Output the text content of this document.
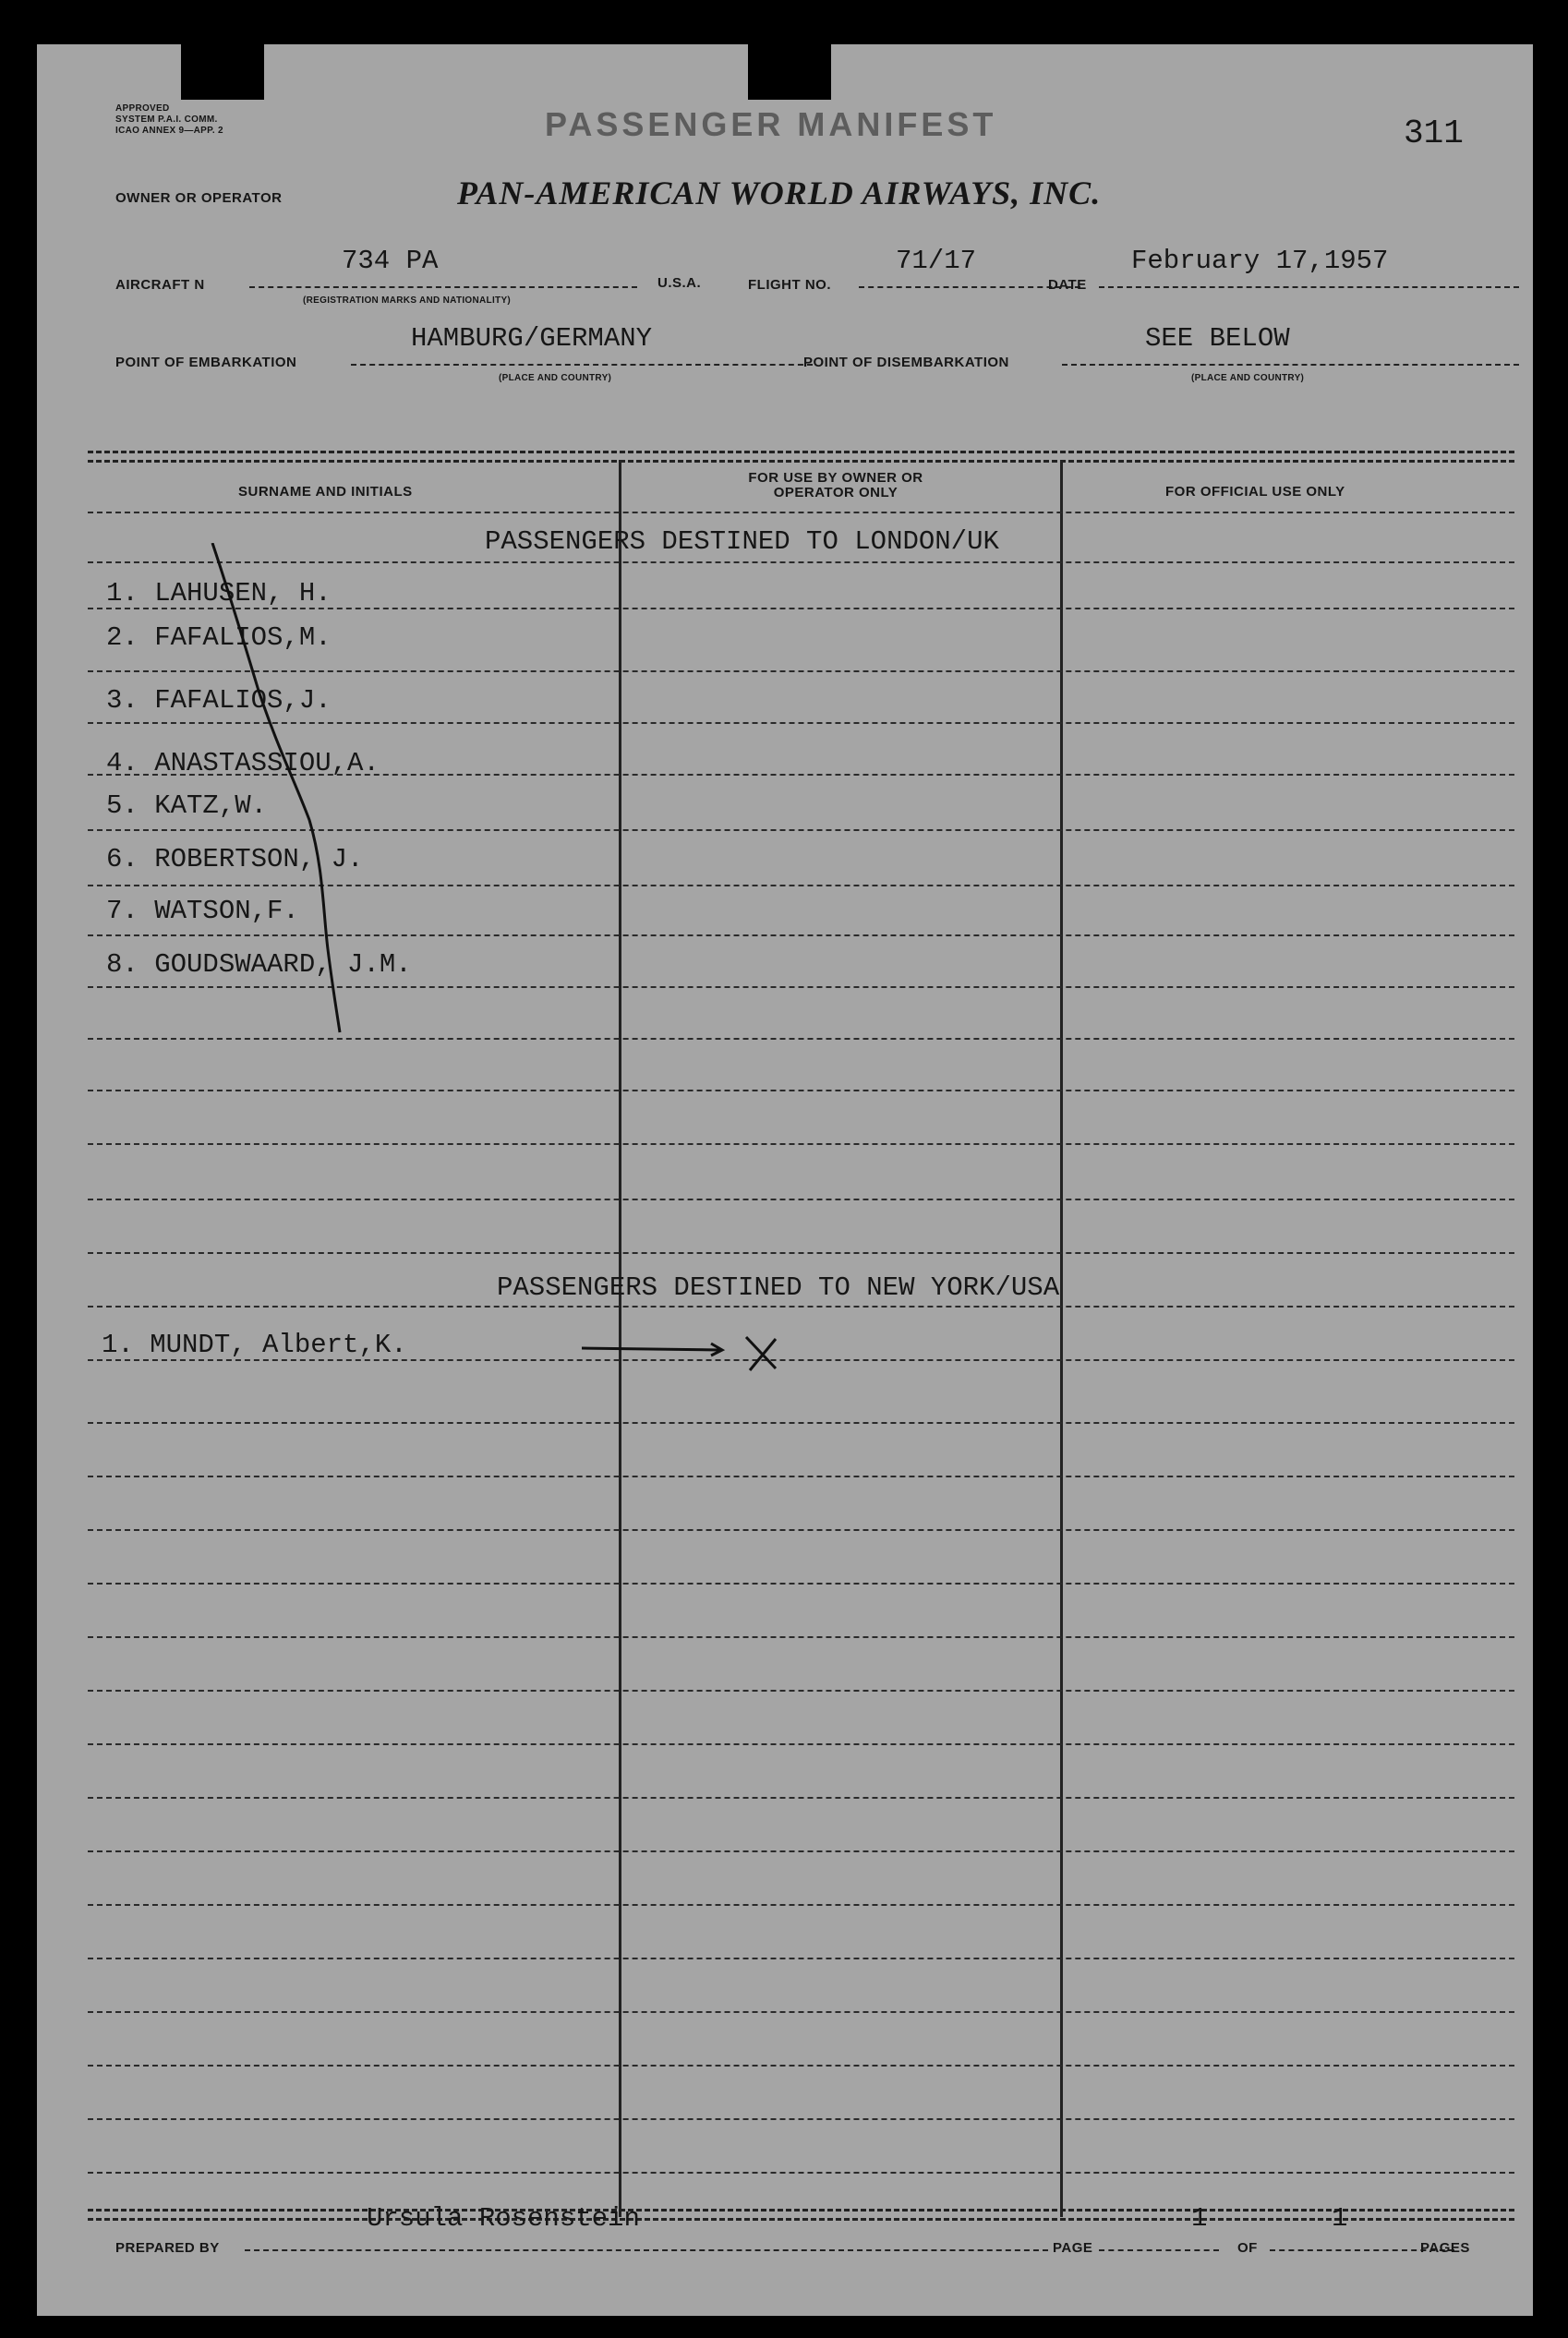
APPROVED
SYSTEM P.A.I. COMM.
ICAO ANNEX 9—APP. 2	PASSENGER MANIFEST	311
OWNER OR OPERATOR	PAN-AMERICAN WORLD AIRWAYS, INC.
AIRCRAFT N
734 PA
(REGISTRATION MARKS AND NATIONALITY)
U.S.A.	FLIGHT NO.
71/17
DATE
February 17,1957
POINT OF EMBARKATION
HAMBURG/GERMANY
(PLACE AND COUNTRY)
POINT OF DISEMBARKATION
SEE BELOW
(PLACE AND COUNTRY)
SURNAME AND INITIALS
FOR USE BY OWNER OR OPERATOR ONLY	FOR OFFICIAL USE ONLY
PASSENGERS DESTINED TO LONDON/UK
1. LAHUSEN, H.
2. FAFALIOS,M.
3. FAFALIOS,J.
4. ANASTASSIOU,A.
5. KATZ,W.
6. ROBERTSON, J.
7. WATSON,F.
8. GOUDSWAARD, J.M.
PASSENGERS DESTINED TO NEW YORK/USA
1. MUNDT, Albert,K.
Ursula Rosenstein
PREPARED BY	PAGE
1
OF
1
PAGES
